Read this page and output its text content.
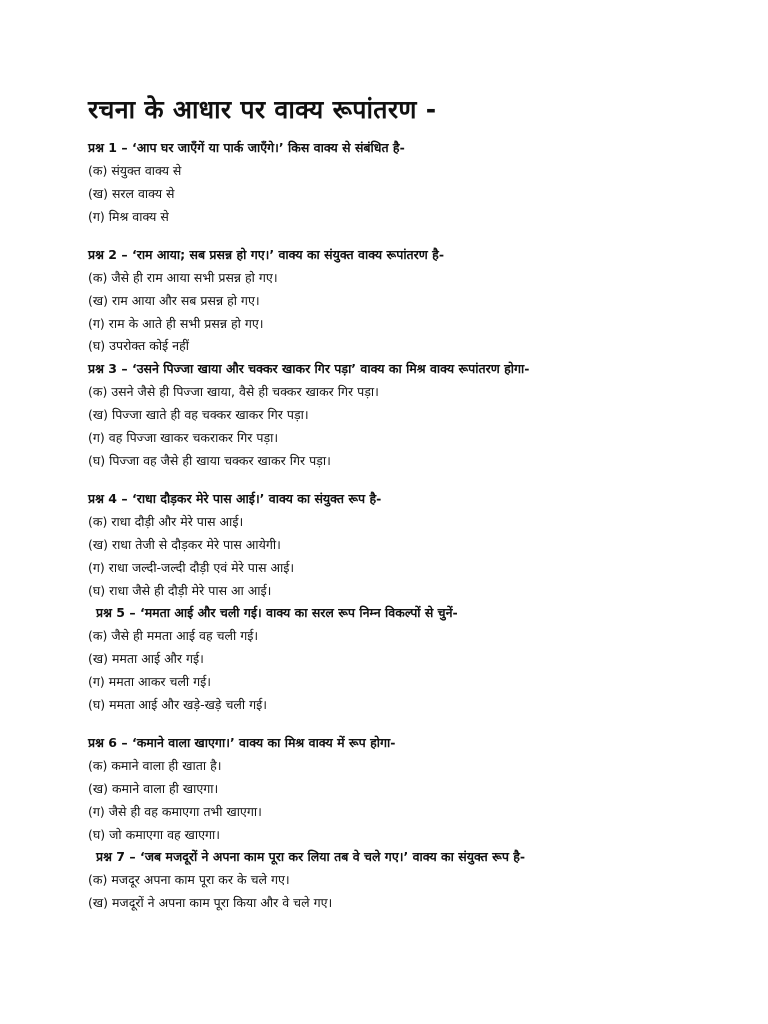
रचना के आधार पर वाक्य रूपांतरण -
प्रश्न 1 – ‘आप घर जाएँगें या पार्क जाएँगे।’ किस वाक्य से संबंधित है-
(क) संयुक्त वाक्य से
(ख) सरल वाक्य से
(ग) मिश्र वाक्य से
प्रश्न 2 – ‘राम आया; सब प्रसन्न हो गए।’ वाक्य का संयुक्त वाक्य रूपांतरण है-
(क) जैसे ही राम आया सभी प्रसन्न हो गए।
(ख) राम आया और सब प्रसन्न हो गए।
(ग) राम के आते ही सभी प्रसन्न हो गए।
(घ) उपरोक्त कोई नहीं
प्रश्न 3 – ‘उसने पिज्जा खाया और चक्कर खाकर गिर पड़ा’ वाक्य का मिश्र वाक्य रूपांतरण होगा-
(क) उसने जैसे ही पिज्जा खाया, वैसे ही चक्कर खाकर गिर पड़ा।
(ख) पिज्जा खाते ही वह चक्कर खाकर गिर पड़ा।
(ग) वह पिज्जा खाकर चकराकर गिर पड़ा।
(घ) पिज्जा वह जैसे ही खाया चक्कर खाकर गिर पड़ा।
प्रश्न 4 – ‘राधा दौड़कर मेरे पास आई।’ वाक्य का संयुक्त रूप है-
(क) राधा दौड़ी और मेरे पास आई।
(ख) राधा तेजी से दौड़कर मेरे पास आयेगी।
(ग) राधा जल्दी-जल्दी दौड़ी एवं मेरे पास आई।
(घ) राधा जैसे ही दौड़ी मेरे पास आ आई।
प्रश्न 5 – ‘ममता आई और चली गई। वाक्य का सरल रूप निम्न विकल्पों से चुनें-
(क) जैसे ही ममता आई वह चली गई।
(ख) ममता आई और गई।
(ग) ममता आकर चली गई।
(घ) ममता आई और खड़े-खड़े चली गई।
प्रश्न 6 – ‘कमाने वाला खाएगा।’ वाक्य का मिश्र वाक्य में रूप होगा-
(क) कमाने वाला ही खाता है।
(ख) कमाने वाला ही खाएगा।
(ग) जैसे ही वह कमाएगा तभी खाएगा।
(घ) जो कमाएगा वह खाएगा।
प्रश्न 7 – ‘जब मजदूरों ने अपना काम पूरा कर लिया तब वे चले गए।’ वाक्य का संयुक्त रूप है-
(क) मजदूर अपना काम पूरा कर के चले गए।
(ख) मजदूरों ने अपना काम पूरा किया और वे चले गए।
